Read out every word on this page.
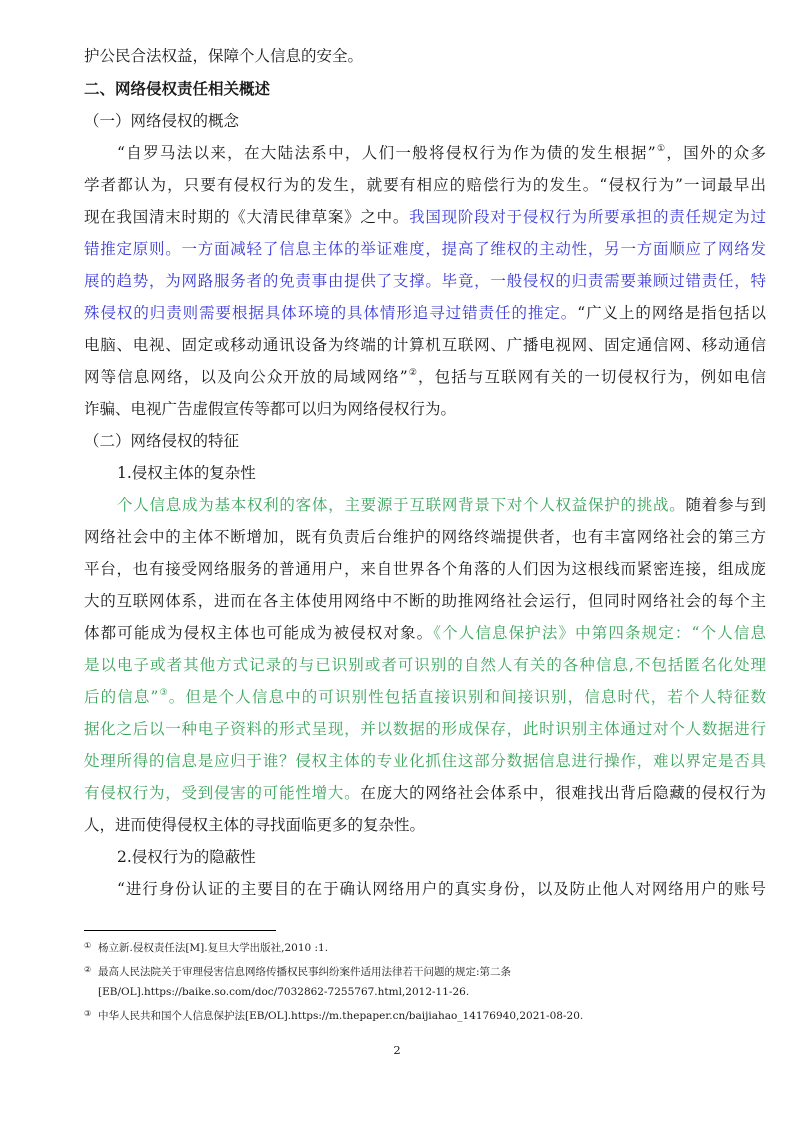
护公民合法权益，保障个人信息的安全。
二、网络侵权责任相关概述
（一）网络侵权的概念
“自罗马法以来，在大陆法系中，人们一般将侵权行为作为债的发生根据”①，国外的众多
学者都认为，只要有侵权行为的发生，就要有相应的赔偿行为的发生。“侵权行为”一词最早出
现在我国清末时期的《大清民律草案》之中。我国现阶段对于侵权行为所要承担的责任规定为过
错推定原则。一方面减轻了信息主体的举证难度，提高了维权的主动性，另一方面顺应了网络发
展的趋势，为网路服务者的免责事由提供了支撑。毕竟，一般侵权的归责需要兼顾过错责任，特
殊侵权的归责则需要根据具体环境的具体情形追寻过错责任的推定。“广义上的网络是指包括以
电脑、电视、固定或移动通讯设备为终端的计算机互联网、广播电视网、固定通信网、移动通信
网等信息网络，以及向公众开放的局域网络”②，包括与互联网有关的一切侵权行为，例如电信
诈骗、电视广告虚假宣传等都可以归为网络侵权行为。
（二）网络侵权的特征
1.侵权主体的复杂性
个人信息成为基本权利的客体，主要源于互联网背景下对个人权益保护的挑战。随着参与到
网络社会中的主体不断增加，既有负责后台维护的网络终端提供者，也有丰富网络社会的第三方
平台，也有接受网络服务的普通用户，来自世界各个角落的人们因为这根线而紧密连接，组成庞
大的互联网体系，进而在各主体使用网络中不断的助推网络社会运行，但同时网络社会的每个主
体都可能成为侵权主体也可能成为被侵权对象。《个人信息保护法》中第四条规定：“个人信息
是以电子或者其他方式记录的与已识别或者可识别的自然人有关的各种信息,不包括匿名化处理
后的信息”③。但是个人信息中的可识别性包括直接识别和间接识别，信息时代，若个人特征数
据化之后以一种电子资料的形式呈现，并以数据的形成保存，此时识别主体通过对个人数据进行
处理所得的信息是应归于谁？侵权主体的专业化抓住这部分数据信息进行操作，难以界定是否具
有侵权行为，受到侵害的可能性增大。在庞大的网络社会体系中，很难找出背后隐藏的侵权行为
人，进而使得侵权主体的寻找面临更多的复杂性。
2.侵权行为的隐蔽性
“进行身份认证的主要目的在于确认网络用户的真实身份，以及防止他人对网络用户的账号
① 杨立新.侵权责任法[M].复旦大学出版社,2010 :1.
② 最高人民法院关于审理侵害信息网络传播权民事纠纷案件适用法律若干问题的规定:第二条
[EB/OL].https://baike.so.com/doc/7032862-7255767.html,2012-11-26.
③ 中华人民共和国个人信息保护法[EB/OL].https://m.thepaper.cn/baijiahao_14176940,2021-08-20.
2
